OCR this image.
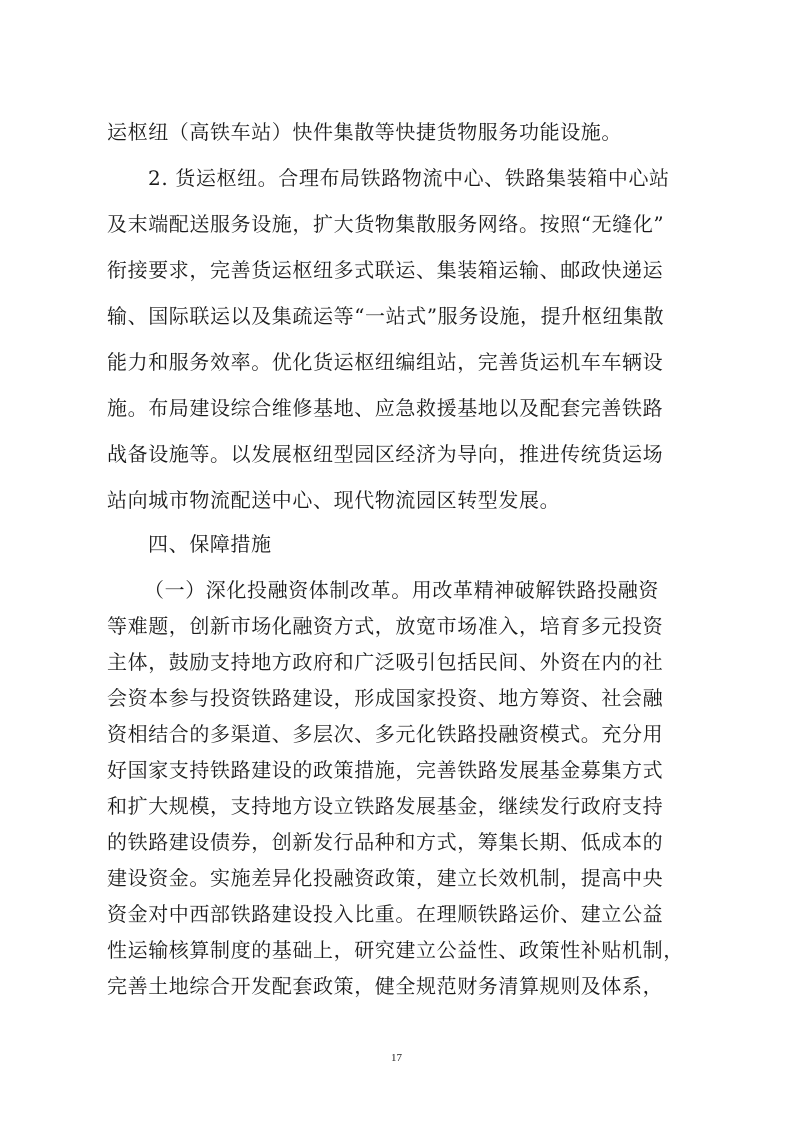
运枢纽（高铁车站）快件集散等快捷货物服务功能设施。
2. 货运枢纽。合理布局铁路物流中心、铁路集装箱中心站
及末端配送服务设施，扩大货物集散服务网络。按照“无缝化”
衔接要求，完善货运枢纽多式联运、集装箱运输、邮政快递运
输、国际联运以及集疏运等“一站式”服务设施，提升枢纽集散
能力和服务效率。优化货运枢纽编组站，完善货运机车车辆设
施。布局建设综合维修基地、应急救援基地以及配套完善铁路
战备设施等。以发展枢纽型园区经济为导向，推进传统货运场
站向城市物流配送中心、现代物流园区转型发展。
四、保障措施
（一）深化投融资体制改革。用改革精神破解铁路投融资
等难题，创新市场化融资方式，放宽市场准入，培育多元投资
主体，鼓励支持地方政府和广泛吸引包括民间、外资在内的社
会资本参与投资铁路建设，形成国家投资、地方筹资、社会融
资相结合的多渠道、多层次、多元化铁路投融资模式。充分用
好国家支持铁路建设的政策措施，完善铁路发展基金募集方式
和扩大规模，支持地方设立铁路发展基金，继续发行政府支持
的铁路建设债券，创新发行品种和方式，筹集长期、低成本的
建设资金。实施差异化投融资政策，建立长效机制，提高中央
资金对中西部铁路建设投入比重。在理顺铁路运价、建立公益
性运输核算制度的基础上，研究建立公益性、政策性补贴机制，
完善土地综合开发配套政策，健全规范财务清算规则及体系，
17
